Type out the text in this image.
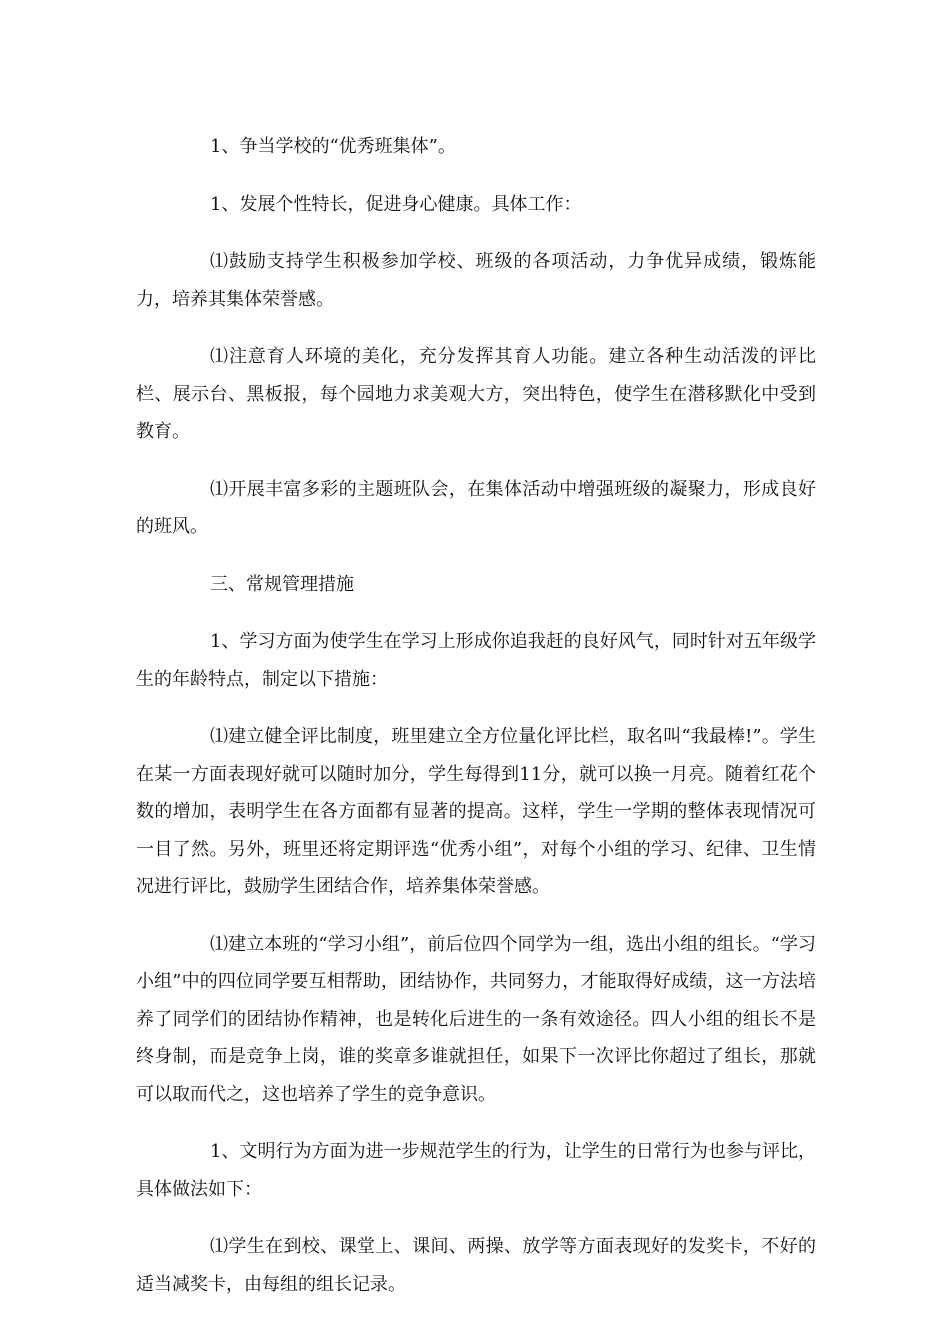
1、争当学校的“优秀班集体”。

1、发展个性特长，促进身心健康。具体工作：

⑴鼓励支持学生积极参加学校、班级的各项活动，力争优异成绩，锻炼能力，培养其集体荣誉感。

⑴注意育人环境的美化，充分发挥其育人功能。建立各种生动活泼的评比栏、展示台、黑板报，每个园地力求美观大方，突出特色，使学生在潜移默化中受到教育。

⑴开展丰富多彩的主题班队会，在集体活动中增强班级的凝聚力，形成良好的班风。

三、常规管理措施

1、学习方面为使学生在学习上形成你追我赶的良好风气，同时针对五年级学生的年龄特点，制定以下措施：

⑴建立健全评比制度，班里建立全方位量化评比栏，取名叫“我最棒!”。学生在某一方面表现好就可以随时加分，学生每得到11分，就可以换一月亮。随着红花个数的增加，表明学生在各方面都有显著的提高。这样，学生一学期的整体表现情况可一目了然。另外，班里还将定期评选“优秀小组”，对每个小组的学习、纪律、卫生情况进行评比，鼓励学生团结合作，培养集体荣誉感。

⑴建立本班的“学习小组”，前后位四个同学为一组，选出小组的组长。“学习小组”中的四位同学要互相帮助，团结协作，共同努力，才能取得好成绩，这一方法培养了同学们的团结协作精神，也是转化后进生的一条有效途径。四人小组的组长不是终身制，而是竞争上岗，谁的奖章多谁就担任，如果下一次评比你超过了组长，那就可以取而代之，这也培养了学生的竞争意识。

1、文明行为方面为进一步规范学生的行为，让学生的日常行为也参与评比，具体做法如下：

⑴学生在到校、课堂上、课间、两操、放学等方面表现好的发奖卡，不好的适当减奖卡，由每组的组长记录。
